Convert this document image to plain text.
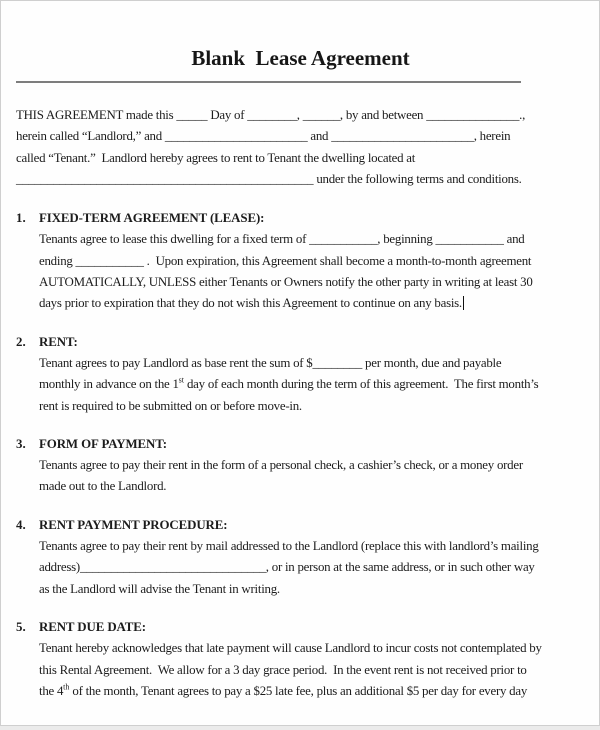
Blank  Lease Agreement
THIS AGREEMENT made this _____ Day of ________, ______, by and between _______________.,
herein called “Landlord,” and _______________________ and _______________________, herein
called “Tenant.”  Landlord hereby agrees to rent to Tenant the dwelling located at
________________________________________________ under the following terms and conditions.
1. FIXED-TERM AGREEMENT (LEASE):
Tenants agree to lease this dwelling for a fixed term of ___________, beginning ___________ and
ending ___________ .  Upon expiration, this Agreement shall become a month-to-month agreement
AUTOMATICALLY, UNLESS either Tenants or Owners notify the other party in writing at least 30
days prior to expiration that they do not wish this Agreement to continue on any basis.
2. RENT:
Tenant agrees to pay Landlord as base rent the sum of $________ per month, due and payable
monthly in advance on the 1st day of each month during the term of this agreement.  The first month’s
rent is required to be submitted on or before move-in.
3. FORM OF PAYMENT:
Tenants agree to pay their rent in the form of a personal check, a cashier’s check, or a money order
made out to the Landlord.
4. RENT PAYMENT PROCEDURE:
Tenants agree to pay their rent by mail addressed to the Landlord (replace this with landlord’s mailing
address)______________________________, or in person at the same address, or in such other way
as the Landlord will advise the Tenant in writing.
5. RENT DUE DATE:
Tenant hereby acknowledges that late payment will cause Landlord to incur costs not contemplated by
this Rental Agreement.  We allow for a 3 day grace period.  In the event rent is not received prior to
the 4th of the month, Tenant agrees to pay a $25 late fee, plus an additional $5 per day for every day
